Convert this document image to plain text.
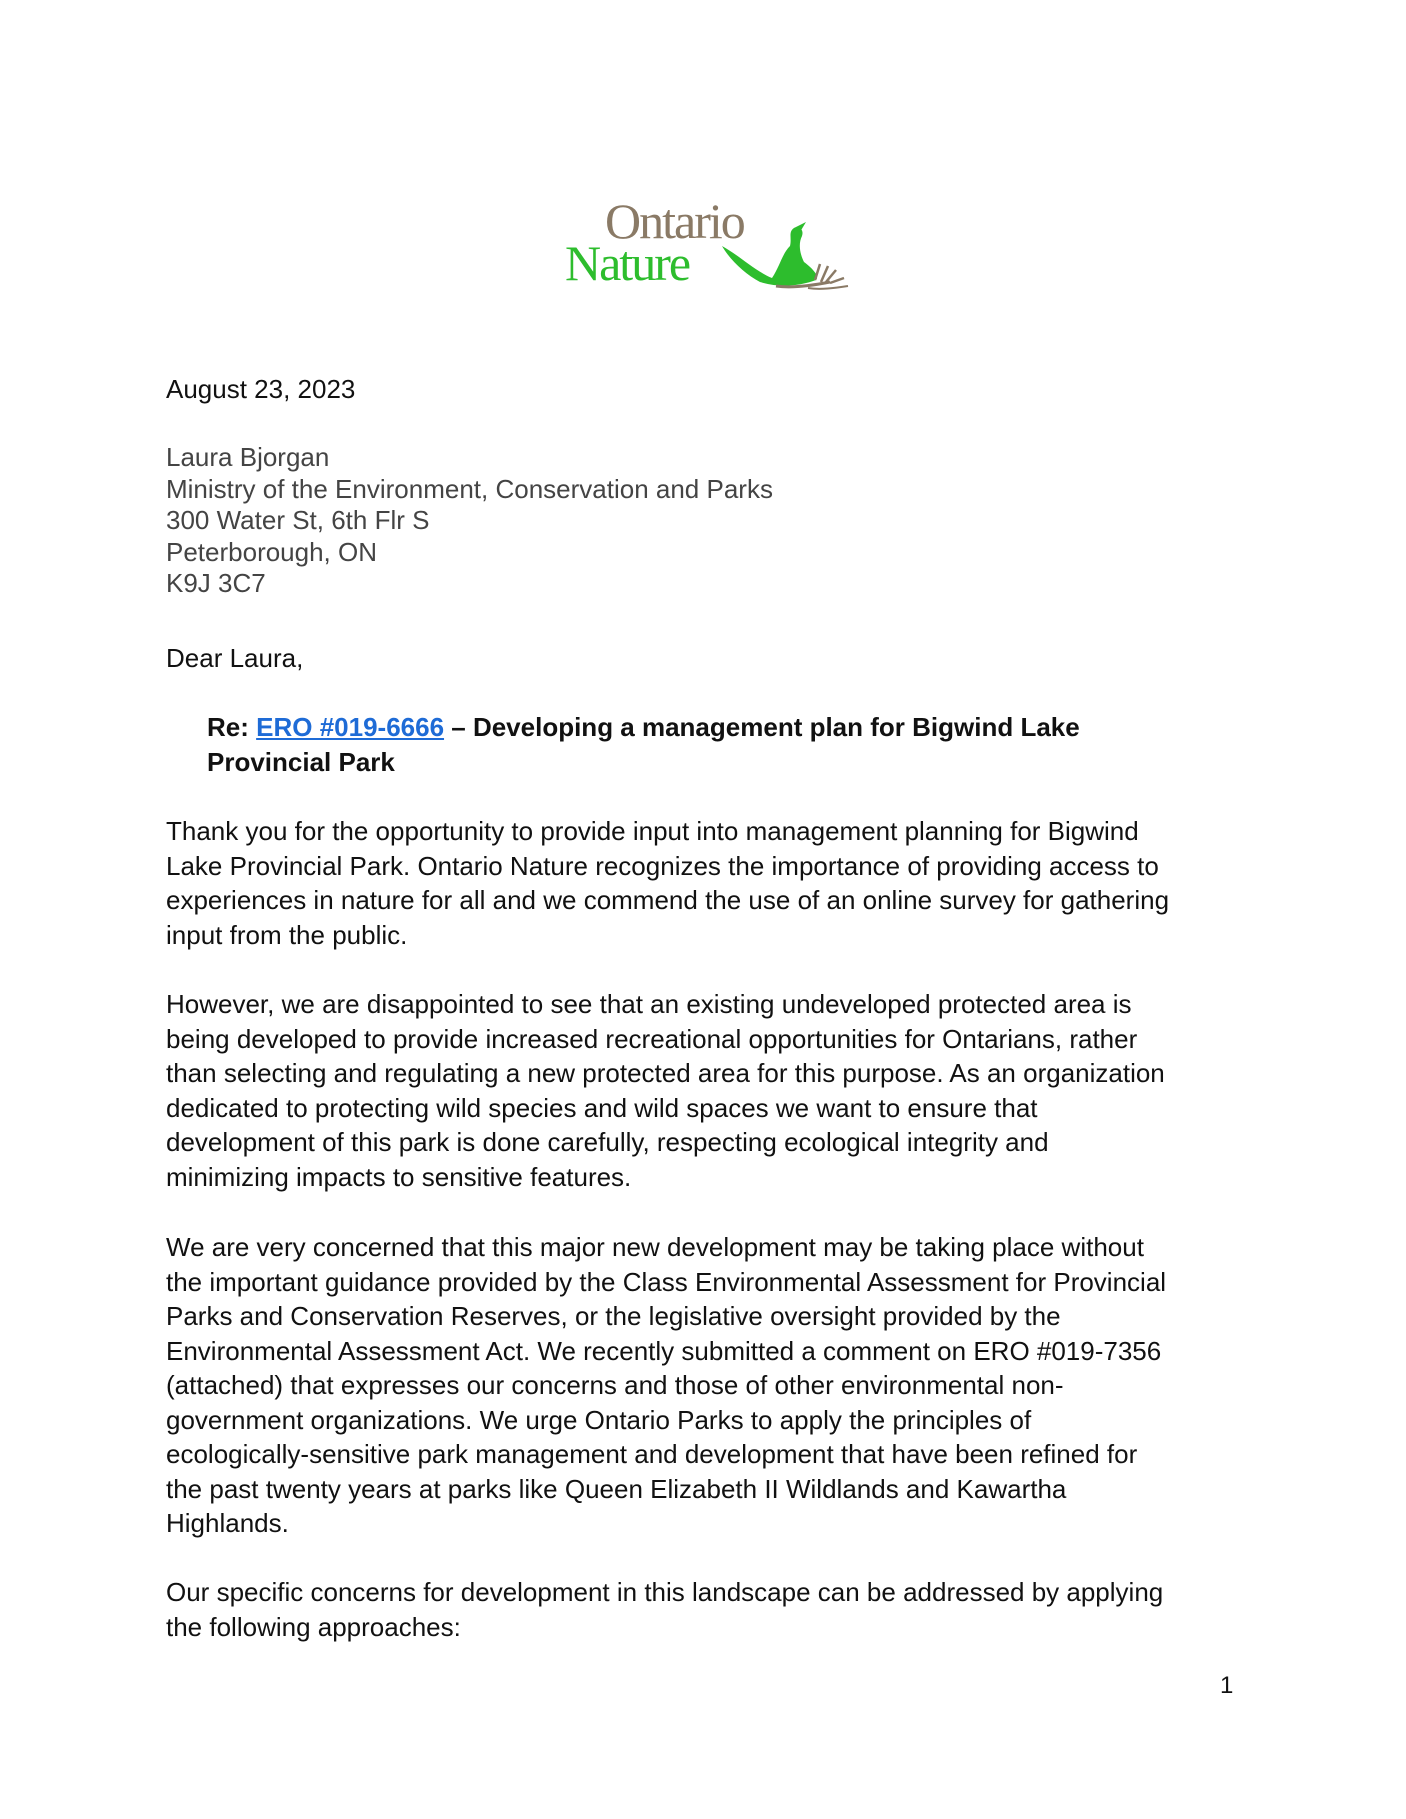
Ontario
Nature
August 23, 2023
Laura Bjorgan
Ministry of the Environment, Conservation and Parks
300 Water St, 6th Flr S
Peterborough, ON
K9J 3C7
Dear Laura,
Re: ERO #019-6666 – Developing a management plan for Bigwind Lake
Provincial Park
Thank you for the opportunity to provide input into management planning for Bigwind
Lake Provincial Park. Ontario Nature recognizes the importance of providing access to
experiences in nature for all and we commend the use of an online survey for gathering
input from the public.
However, we are disappointed to see that an existing undeveloped protected area is
being developed to provide increased recreational opportunities for Ontarians, rather
than selecting and regulating a new protected area for this purpose. As an organization
dedicated to protecting wild species and wild spaces we want to ensure that
development of this park is done carefully, respecting ecological integrity and
minimizing impacts to sensitive features.
We are very concerned that this major new development may be taking place without
the important guidance provided by the Class Environmental Assessment for Provincial
Parks and Conservation Reserves, or the legislative oversight provided by the
Environmental Assessment Act. We recently submitted a comment on ERO #019-7356
(attached) that expresses our concerns and those of other environmental non-
government organizations. We urge Ontario Parks to apply the principles of
ecologically-sensitive park management and development that have been refined for
the past twenty years at parks like Queen Elizabeth II Wildlands and Kawartha
Highlands.
Our specific concerns for development in this landscape can be addressed by applying
the following approaches:
1
